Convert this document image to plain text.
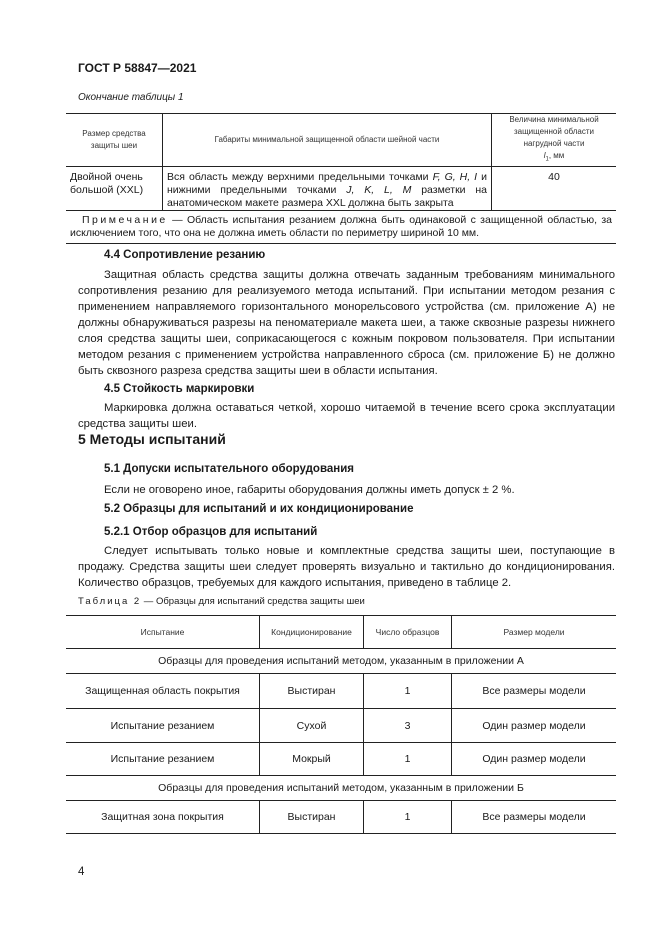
ГОСТ Р 58847—2021
Окончание таблицы 1
Размер средства защиты шеи	Габариты минимальной защищенной области шейной части	Величина минимальной защищенной области нагрудной части
$l_1$, мм
Двойной очень большой (XXL)	Вся область между верхними предельными точками F, G, H, I и нижними предельными точками J, K, L, M разметки на анатомическом макете размера XXL должна быть закрыта	40
Примечание — Область испытания резанием должна быть одинаковой с защищенной областью, за исключением того, что она не должна иметь области по периметру шириной 10 мм.		
4.4 Сопротивление резанию
Защитная область средства защиты должна отвечать заданным требованиям минимального сопротивления резанию для реализуемого метода испытаний. При испытании методом резания с применением направляемого горизонтального монорельсового устройства (см. приложение А) не должны обнаруживаться разрезы на пеноматериале макета шеи, а также сквозные разрезы нижнего слоя средства защиты шеи, соприкасающегося с кожным покровом пользователя. При испытании методом резания с применением устройства направленного сброса (см. приложение Б) не должно быть сквозного разреза средства защиты шеи в области испытания.
4.5 Стойкость маркировки
Маркировка должна оставаться четкой, хорошо читаемой в течение всего срока эксплуатации средства защиты шеи.
5 Методы испытаний
5.1 Допуски испытательного оборудования
Если не оговорено иное, габариты оборудования должны иметь допуск ± 2 %.
5.2 Образцы для испытаний и их кондиционирование
5.2.1 Отбор образцов для испытаний
Следует испытывать только новые и комплектные средства защиты шеи, поступающие в продажу. Средства защиты шеи следует проверять визуально и тактильно до кондиционирования. Количество образцов, требуемых для каждого испытания, приведено в таблице 2.
Таблица 2 — Образцы для испытаний средства защиты шеи
Испытание	Кондиционирование	Число образцов	Размер модели
Образцы для проведения испытаний методом, указанным в приложении А			
Защищенная область покрытия	Выстиран	1	Все размеры модели
Испытание резанием	Сухой	3	Один размер модели
Испытание резанием	Мокрый	1	Один размер модели
Образцы для проведения испытаний методом, указанным в приложении Б			
Защитная зона покрытия	Выстиран	1	Все размеры модели
4
